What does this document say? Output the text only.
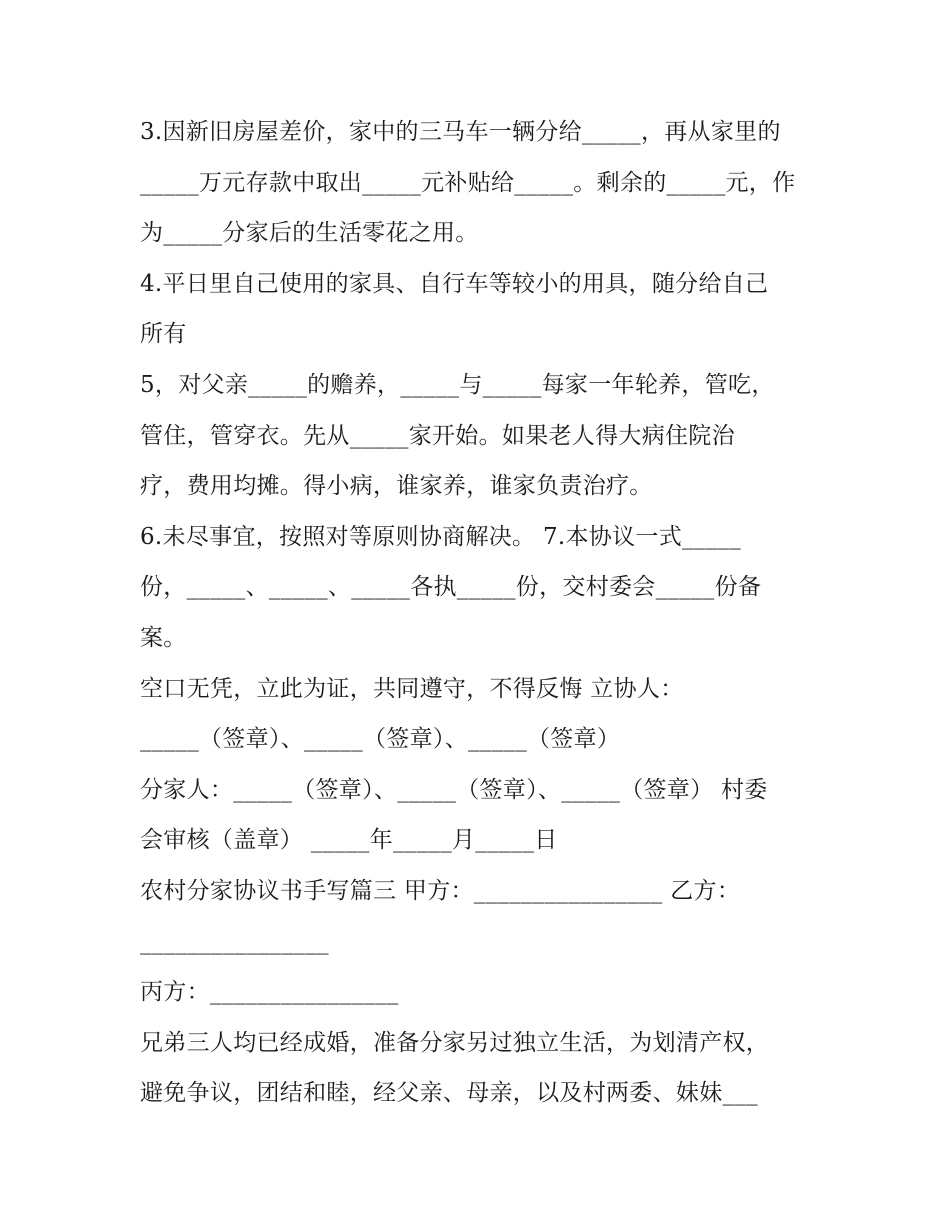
3.因新旧房屋差价，家中的三马车一辆分给_____，再从家里的
_____万元存款中取出_____元补贴给_____。剩余的_____元，作
为_____分家后的生活零花之用。
4.平日里自己使用的家具、自行车等较小的用具，随分给自己
所有
5，对父亲_____的赡养，_____与_____每家一年轮养，管吃，
管住，管穿衣。先从_____家开始。如果老人得大病住院治
疗，费用均摊。得小病，谁家养，谁家负责治疗。
6.未尽事宜，按照对等原则协商解决。 7.本协议一式_____
份，_____、_____、_____各执_____份，交村委会_____份备
案。
空口无凭，立此为证，共同遵守，不得反悔 立协人：
_____（签章）、_____（签章）、_____（签章）
分家人：_____（签章）、_____（签章）、_____（签章） 村委
会审核（盖章） _____年_____月_____日
农村分家协议书手写篇三 甲方：________________ 乙方：
________________
丙方：________________
兄弟三人均已经成婚，准备分家另过独立生活，为划清产权，
避免争议，团结和睦，经父亲、母亲，以及村两委、妹妹___
